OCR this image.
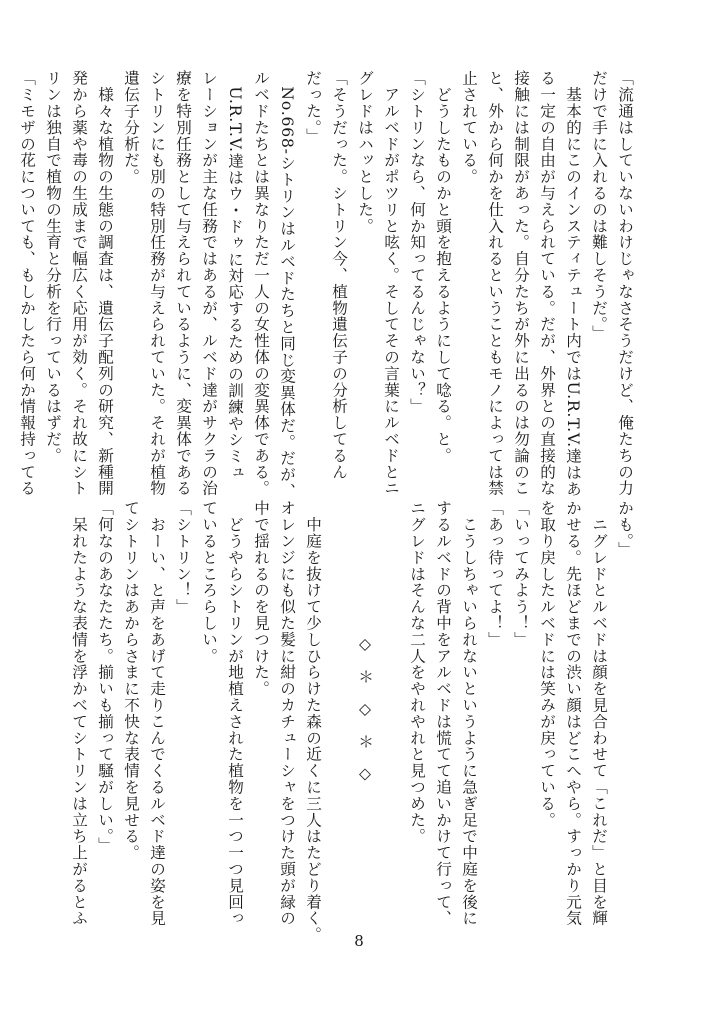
「流通はしていないわけじゃなさそうだけど、俺たちの力
だけで手に入れるのは難しそうだ。」
　基本的にこのインスティテュート内ではU.R.T.V.達はあ
る一定の自由が与えられている。だが、外界との直接的な
接触には制限があった。自分たちが外に出るのは勿論のこ
と、外から何かを仕入れるということもモノによっては禁
止されている。
　どうしたものかと頭を抱えるようにして唸る。と。
「シトリンなら、何か知ってるんじゃない？」
　アルベドがポツリと呟く。そしてその言葉にルベドとニ
グレドはハッとした。
「そうだった。シトリン今、植物遺伝子の分析してるん
だった。」
　No.668-シトリンはルベドたちと同じ変異体だ。だが、
ルベドたちとは異なりただ一人の女性体の変異体である。
　U.R.T.V.達はウ・ドゥに対応するための訓練やシミュ
レーションが主な任務ではあるが、ルベド達がサクラの治
療を特別任務として与えられているように、変異体である
シトリンにも別の特別任務が与えられていた。それが植物
遺伝子分析だ。
　様々な植物の生態の調査は、遺伝子配列の研究、新種開
発から薬や毒の生成まで幅広く応用が効く。それ故にシト
リンは独自で植物の生育と分析を行っているはずだ。
「ミモザの花についても、もしかしたら何か情報持ってる
かも。」
　ニグレドとルベドは顔を見合わせて「これだ」と目を輝
かせる。先ほどまでの渋い顔はどこへやら。すっかり元気
を取り戻したルベドには笑みが戻っている。
「いってみよう！」
「あっ待ってよ！」
　こうしちゃいられないというように急ぎ足で中庭を後に
するルベドの背中をアルベドは慌てて追いかけて行って、
ニグレドはそんな二人をやれやれと見つめた。

◇　＊　◇　＊　◇

　中庭を抜けて少しひらけた森の近くに三人はたどり着く。
オレンジにも似た髪に紺のカチューシャをつけた頭が緑の
中で揺れるのを見つけた。
　どうやらシトリンが地植えされた植物を一つ一つ見回っ
ているところらしい。
「シトリン！」
　おーい、と声をあげて走りこんでくるルベド達の姿を見
てシトリンはあからさまに不快な表情を見せる。
「何なのあなたたち。揃いも揃って騒がしい。」
　呆れたような表情を浮かべてシトリンは立ち上がるとふ
8
